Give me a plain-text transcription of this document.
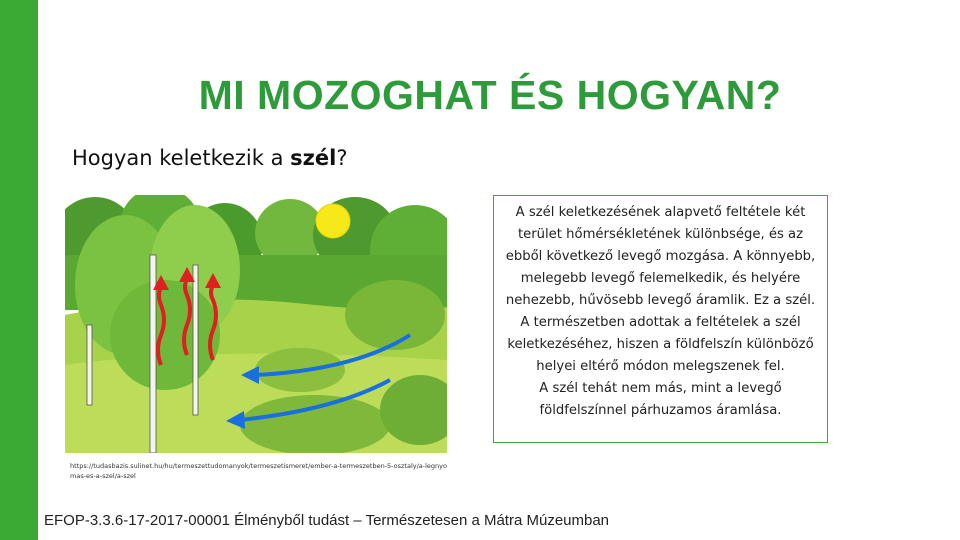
MI MOZOGHAT ÉS HOGYAN?
Hogyan keletkezik a szél?

A szél keletkezésének alapvető feltétele két terület hőmérsékletének különbsége, és az ebből következő levegő mozgása. A könnyebb, melegebb levegő felemelkedik, és helyére nehezebb, hűvösebb levegő áramlik. Ez a szél. A természetben adottak a feltételek a szél keletkezéséhez, hiszen a földfelszín különböző helyei eltérő módon melegszenek fel.

A szél tehát nem más, mint a levegő földfelszínnel párhuzamos áramlása.

https://tudasbazis.sulinet.hu/hu/termeszettudomanyok/termeszetismeret/ember-a-termeszetben-5-osztaly/a-legnyomas-es-a-szel/a-szel
EFOP-3.3.6-17-2017-00001 Élményből tudást – Természetesen a Mátra Múzeumban
